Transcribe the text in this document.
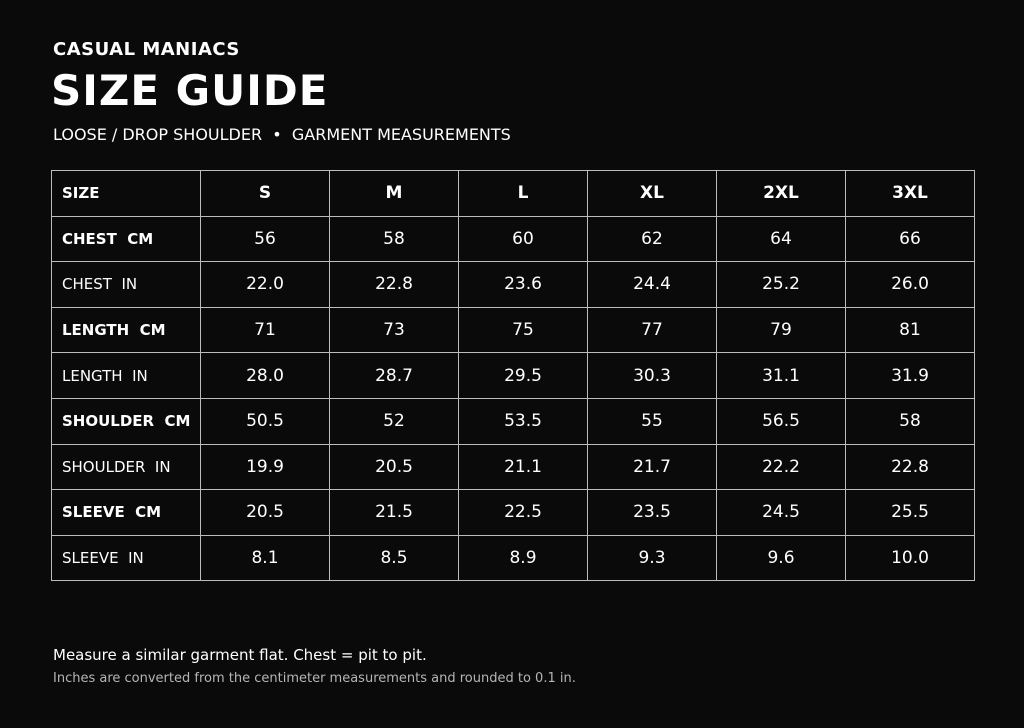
CASUAL MANIACS
SIZE GUIDE
LOOSE / DROP SHOULDER  •  GARMENT MEASUREMENTS
SIZE	S	M	L	XL	2XL	3XL
CHEST  CM	56	58	60	62	64	66
CHEST  IN	22.0	22.8	23.6	24.4	25.2	26.0
LENGTH  CM	71	73	75	77	79	81
LENGTH  IN	28.0	28.7	29.5	30.3	31.1	31.9
SHOULDER  CM	50.5	52	53.5	55	56.5	58
SHOULDER  IN	19.9	20.5	21.1	21.7	22.2	22.8
SLEEVE  CM	20.5	21.5	22.5	23.5	24.5	25.5
SLEEVE  IN	8.1	8.5	8.9	9.3	9.6	10.0
Measure a similar garment flat. Chest = pit to pit.
Inches are converted from the centimeter measurements and rounded to 0.1 in.
